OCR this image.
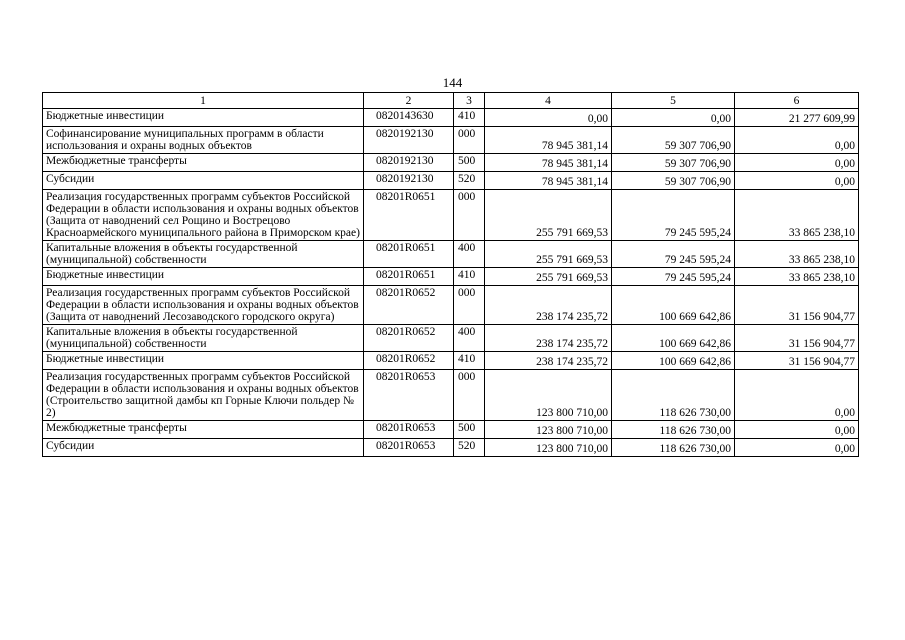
144
1	2	3	4	5	6
Бюджетные инвестиции	0820143630	410	0,00	0,00	21 277 609,99
Софинансирование муниципальных программ в области использования и охраны водных объектов	0820192130	000	78 945 381,14	59 307 706,90	0,00
Межбюджетные трансферты	0820192130	500	78 945 381,14	59 307 706,90	0,00
Субсидии	0820192130	520	78 945 381,14	59 307 706,90	0,00
Реализация государственных программ субъектов Российской Федерации в области использования и охраны водных объектов (Защита от наводнений сел Рощино и Вострецово Красноармейского муниципального района в Приморском крае)	08201R0651	000	255 791 669,53	79 245 595,24	33 865 238,10
Капитальные вложения в объекты государственной (муниципальной) собственности	08201R0651	400	255 791 669,53	79 245 595,24	33 865 238,10
Бюджетные инвестиции	08201R0651	410	255 791 669,53	79 245 595,24	33 865 238,10
Реализация государственных программ субъектов Российской Федерации в области использования и охраны водных объектов (Защита от наводнений Лесозаводского городского округа)	08201R0652	000	238 174 235,72	100 669 642,86	31 156 904,77
Капитальные вложения в объекты государственной (муниципальной) собственности	08201R0652	400	238 174 235,72	100 669 642,86	31 156 904,77
Бюджетные инвестиции	08201R0652	410	238 174 235,72	100 669 642,86	31 156 904,77
Реализация государственных программ субъектов Российской Федерации в области использования и охраны водных объектов (Строительство защитной дамбы кп Горные Ключи польдер № 2)	08201R0653	000	123 800 710,00	118 626 730,00	0,00
Межбюджетные трансферты	08201R0653	500	123 800 710,00	118 626 730,00	0,00
Субсидии	08201R0653	520	123 800 710,00	118 626 730,00	0,00
